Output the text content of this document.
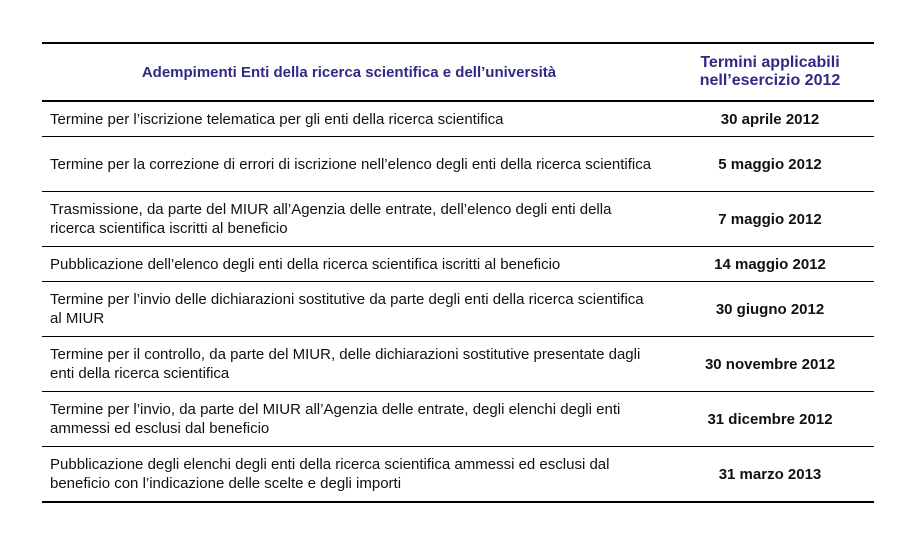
Adempimenti Enti della ricerca scientifica e dell’università	Termini applicabili
nell’esercizio 2012
Termine per l’iscrizione telematica per gli enti della ricerca scientifica	30 aprile 2012
Termine per la correzione di errori di iscrizione nell’elenco degli enti della ricerca scientifica	5 maggio 2012
Trasmissione, da parte del MIUR all’Agenzia delle entrate, dell’elenco degli enti della ricerca scientifica iscritti al beneficio	7 maggio 2012
Pubblicazione dell’elenco degli enti della ricerca scientifica iscritti al beneficio	14 maggio 2012
Termine per l’invio delle dichiarazioni sostitutive da parte degli enti della ricerca scientifica al MIUR	30 giugno 2012
Termine per il controllo, da parte del MIUR, delle dichiarazioni sostitutive presentate dagli enti della ricerca scientifica	30 novembre 2012
Termine per l’invio, da parte del MIUR all’Agenzia delle entrate, degli elenchi degli enti ammessi ed esclusi dal beneficio	31 dicembre 2012
Pubblicazione degli elenchi degli enti della ricerca scientifica ammessi ed esclusi dal beneficio con l’indicazione delle scelte e degli importi	31 marzo 2013
